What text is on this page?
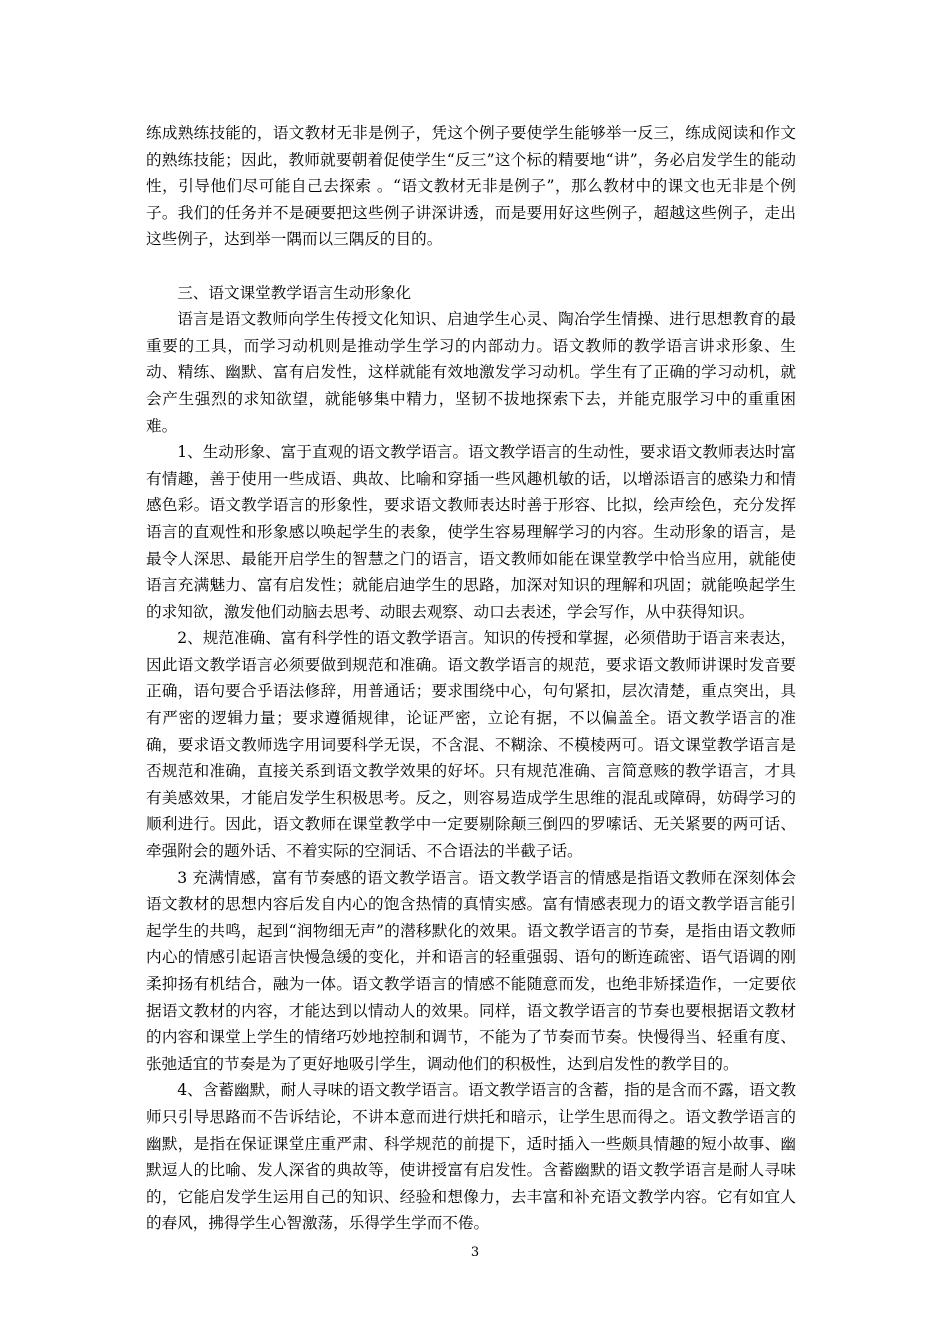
练成熟练技能的，语文教材无非是例子，凭这个例子要使学生能够举一反三，练成阅读和作文的熟练技能；因此，教师就要朝着促使学生“反三”这个标的精要地“讲”，务必启发学生的能动性，引导他们尽可能自己去探索 。“语文教材无非是例子”，那么教材中的课文也无非是个例子。我们的任务并不是硬要把这些例子讲深讲透，而是要用好这些例子，超越这些例子，走出这些例子，达到举一隅而以三隅反的目的。

三、语文课堂教学语言生动形象化

语言是语文教师向学生传授文化知识、启迪学生心灵、陶冶学生情操、进行思想教育的最重要的工具，而学习动机则是推动学生学习的内部动力。语文教师的教学语言讲求形象、生动、精练、幽默、富有启发性，这样就能有效地激发学习动机。学生有了正确的学习动机，就会产生强烈的求知欲望，就能够集中精力，坚韧不拔地探索下去，并能克服学习中的重重困难。

1、生动形象、富于直观的语文教学语言。语文教学语言的生动性，要求语文教师表达时富有情趣，善于使用一些成语、典故、比喻和穿插一些风趣机敏的话，以增添语言的感染力和情感色彩。语文教学语言的形象性，要求语文教师表达时善于形容、比拟，绘声绘色，充分发挥语言的直观性和形象感以唤起学生的表象，使学生容易理解学习的内容。生动形象的语言，是最令人深思、最能开启学生的智慧之门的语言，语文教师如能在课堂教学中恰当应用，就能使语言充满魅力、富有启发性；就能启迪学生的思路，加深对知识的理解和巩固；就能唤起学生的求知欲，激发他们动脑去思考、动眼去观察、动口去表述，学会写作，从中获得知识。

2、规范准确、富有科学性的语文教学语言。知识的传授和掌握，必须借助于语言来表达，因此语文教学语言必须要做到规范和准确。语文教学语言的规范，要求语文教师讲课时发音要正确，语句要合乎语法修辞，用普通话；要求围绕中心，句句紧扣，层次清楚，重点突出，具有严密的逻辑力量；要求遵循规律，论证严密，立论有据，不以偏盖全。语文教学语言的准确，要求语文教师选字用词要科学无误，不含混、不糊涂、不模棱两可。语文课堂教学语言是否规范和准确，直接关系到语文教学效果的好坏。只有规范准确、言简意赅的教学语言，才具有美感效果，才能启发学生积极思考。反之，则容易造成学生思维的混乱或障碍，妨碍学习的顺利进行。因此，语文教师在课堂教学中一定要剔除颠三倒四的罗嗦话、无关紧要的两可话、牵强附会的题外话、不着实际的空洞话、不合语法的半截子话。

3 充满情感，富有节奏感的语文教学语言。语文教学语言的情感是指语文教师在深刻体会语文教材的思想内容后发自内心的饱含热情的真情实感。富有情感表现力的语文教学语言能引起学生的共鸣，起到“润物细无声”的潜移默化的效果。语文教学语言的节奏，是指由语文教师内心的情感引起语言快慢急缓的变化，并和语言的轻重强弱、语句的断连疏密、语气语调的刚柔抑扬有机结合，融为一体。语文教学语言的情感不能随意而发，也绝非矫揉造作，一定要依据语文教材的内容，才能达到以情动人的效果。同样，语文教学语言的节奏也要根据语文教材的内容和课堂上学生的情绪巧妙地控制和调节，不能为了节奏而节奏。快慢得当、轻重有度、张弛适宜的节奏是为了更好地吸引学生，调动他们的积极性，达到启发性的教学目的。

4、含蓄幽默，耐人寻味的语文教学语言。语文教学语言的含蓄，指的是含而不露，语文教师只引导思路而不告诉结论，不讲本意而进行烘托和暗示，让学生思而得之。语文教学语言的幽默，是指在保证课堂庄重严肃、科学规范的前提下，适时插入一些颇具情趣的短小故事、幽默逗人的比喻、发人深省的典故等，使讲授富有启发性。含蓄幽默的语文教学语言是耐人寻味的，它能启发学生运用自己的知识、经验和想像力，去丰富和补充语文教学内容。它有如宜人的春风，拂得学生心智激荡，乐得学生学而不倦。

3
